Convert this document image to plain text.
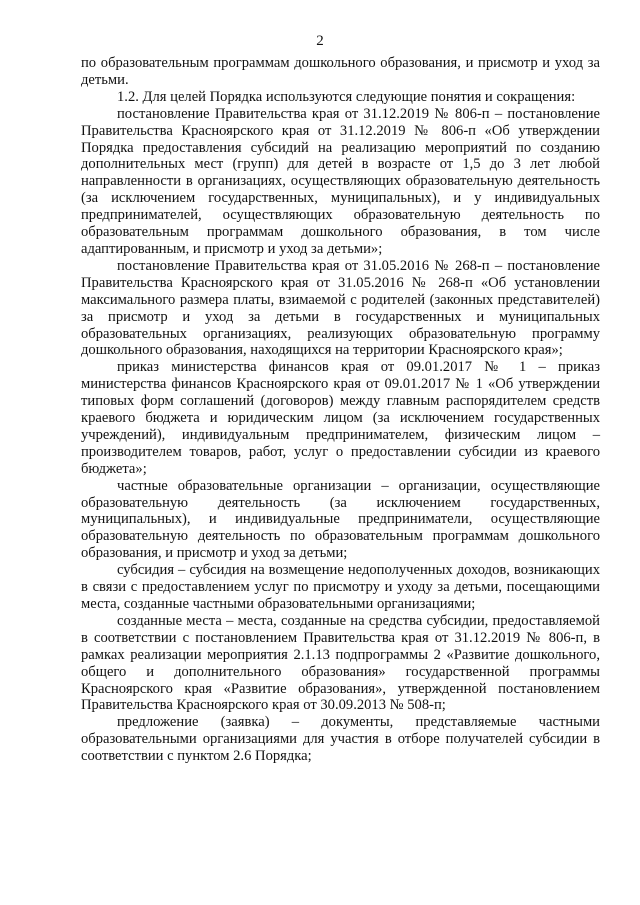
2

по образовательным программам дошкольного образования, и присмотр и уход за детьми.

1.2. Для целей Порядка используются следующие понятия и сокращения:

постановление Правительства края от 31.12.2019 № 806-п – постановление Правительства Красноярского края от 31.12.2019 № 806-п «Об утверждении Порядка предоставления субсидий на реализацию мероприятий по созданию дополнительных мест (групп) для детей в возрасте от 1,5 до 3 лет любой направленности в организациях, осуществляющих образовательную деятельность (за исключением государственных, муниципальных), и у индивидуальных предпринимателей, осуществляющих образовательную деятельность по образовательным программам дошкольного образования, в том числе адаптированным, и присмотр и уход за детьми»;

постановление Правительства края от 31.05.2016 № 268-п – постановление Правительства Красноярского края от 31.05.2016 № 268-п «Об установлении максимального размера платы, взимаемой с родителей (законных представителей) за присмотр и уход за детьми в государственных и муниципальных образовательных организациях, реализующих образовательную программу дошкольного образования, находящихся на территории Красноярского края»;

приказ министерства финансов края от 09.01.2017 № 1 – приказ министерства финансов Красноярского края от 09.01.2017 № 1 «Об утверждении типовых форм соглашений (договоров) между главным распорядителем средств краевого бюджета и юридическим лицом (за исключением государственных учреждений), индивидуальным предпринимателем, физическим лицом – производителем товаров, работ, услуг о предоставлении субсидии из краевого бюджета»;

частные образовательные организации – организации, осуществляющие образовательную деятельность (за исключением государственных, муниципальных), и индивидуальные предприниматели, осуществляющие образовательную деятельность по образовательным программам дошкольного образования, и присмотр и уход за детьми;

субсидия – субсидия на возмещение недополученных доходов, возникающих в связи с предоставлением услуг по присмотру и уходу за детьми, посещающими места, созданные частными образовательными организациями;

созданные места – места, созданные на средства субсидии, предоставляемой в соответствии с постановлением Правительства края от 31.12.2019 № 806-п, в рамках реализации мероприятия 2.1.13 подпрограммы 2 «Развитие дошкольного, общего и дополнительного образования» государственной программы Красноярского края «Развитие образования», утвержденной постановлением Правительства Красноярского края от 30.09.2013 № 508-п;

предложение (заявка) – документы, представляемые частными образовательными организациями для участия в отборе получателей субсидии в соответствии с пунктом 2.6 Порядка;
